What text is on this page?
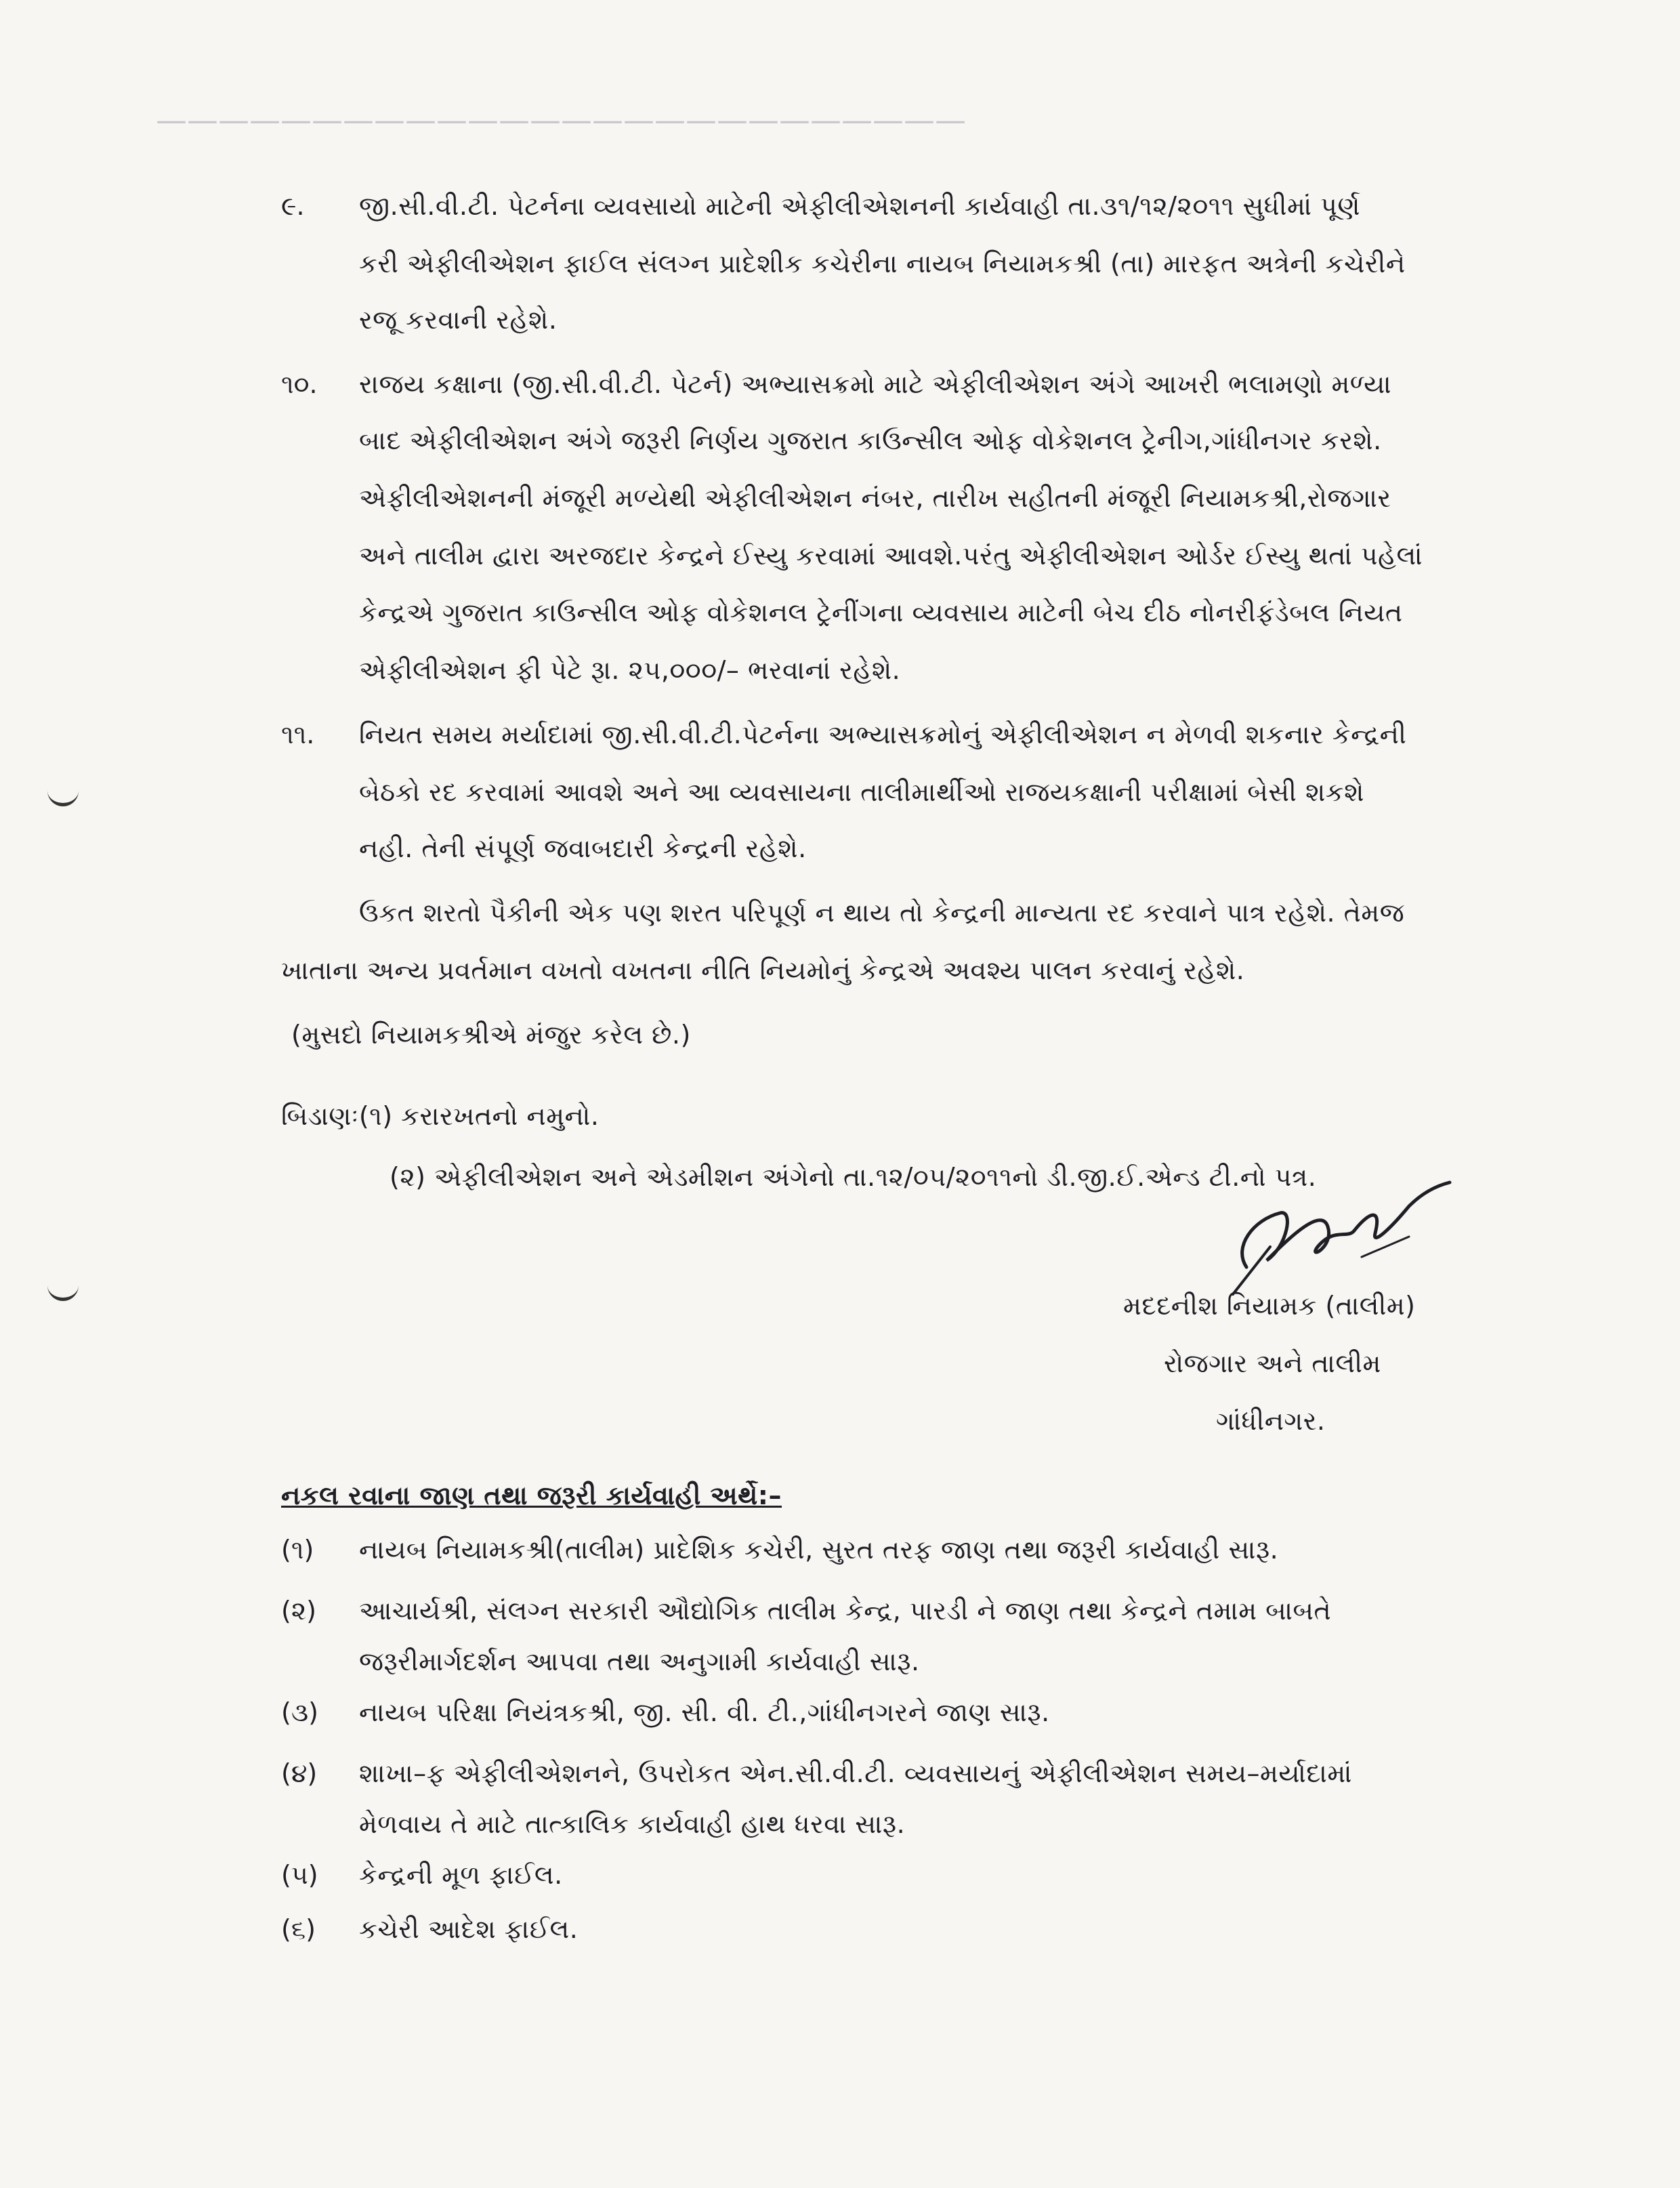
——————————————————————————
૯. જી.સી.વી.ટી. પેટર્નના વ્યવસાયો માટેની એફીલીએશનની કાર્યવાહી તા.૩૧/૧૨/૨૦૧૧ સુધીમાં પૂર્ણ
કરી એફીલીએશન ફાઈલ સંલગ્ન પ્રાદેશીક કચેરીના નાયબ નિયામકશ્રી (તા) મારફત અત્રેની કચેરીને
રજૂ કરવાની રહેશે.
૧૦. રાજય કક્ષાના (જી.સી.વી.ટી. પેટર્ન) અભ્યાસક્રમો માટે એફીલીએશન અંગે આખરી ભલામણો મળ્યા
બાદ એફીલીએશન અંગે જરૂરી નિર્ણય ગુજરાત કાઉન્સીલ ઓફ વોકેશનલ ટ્રેનીગ,ગાંધીનગર કરશે.
એફીલીએશનની મંજૂરી મળ્યેથી એફીલીએશન નંબર, તારીખ સહીતની મંજૂરી નિયામકશ્રી,રોજગાર
અને તાલીમ દ્વારા અરજદાર કેન્દ્રને ઈસ્યુ કરવામાં આવશે.પરંતુ એફીલીએશન ઓર્ડર ઈસ્યુ થતાં પહેલાં
કેન્દ્રએ ગુજરાત કાઉન્સીલ ઓફ વોકેશનલ ટ્રેનીંગના વ્યવસાય માટેની બેચ દીઠ નોનરીફંડેબલ નિયત
એફીલીએશન ફી પેટે રૂા. ૨૫,૦૦૦/– ભરવાનાં રહેશે.
૧૧. નિયત સમય મર્યાદામાં જી.સી.વી.ટી.પેટર્નના અભ્યાસક્રમોનું એફીલીએશન ન મેળવી શકનાર કેન્દ્રની
બેઠકો રદ કરવામાં આવશે અને આ વ્યવસાયના તાલીમાર્થીઓ રાજયકક્ષાની પરીક્ષામાં બેસી શકશે
નહી. તેની સંપૂર્ણ જવાબદારી કેન્દ્રની રહેશે.
ઉકત શરતો પૈકીની એક પણ શરત પરિપૂર્ણ ન થાય તો કેન્દ્રની માન્યતા રદ કરવાને પાત્ર રહેશે. તેમજ
ખાતાના અન્ય પ્રવર્તમાન વખતો વખતના નીતિ નિયમોનું કેન્દ્રએ અવશ્ય પાલન કરવાનું રહેશે.
(મુસદો નિયામકશ્રીએ મંજુર કરેલ છે.)
બિડાણઃ(૧) કરારખતનો નમુનો.
(૨) એફીલીએશન અને એડમીશન અંગેનો તા.૧૨/૦૫/૨૦૧૧નો ડી.જી.ઈ.એન્ડ ટી.નો પત્ર.
મદદનીશ નિયામક (તાલીમ)
રોજગાર અને તાલીમ
ગાંધીનગર.
નકલ રવાના જાણ તથા જરૂરી કાર્યવાહી અર્થે:–
(૧) નાયબ નિયામકશ્રી(તાલીમ) પ્રાદેશિક કચેરી, સુરત તરફ જાણ તથા જરૂરી કાર્યવાહી સારૂ.
(૨) આચાર્યશ્રી, સંલગ્ન સરકારી ઔદ્યોગિક તાલીમ કેન્દ્ર, પારડી ને જાણ તથા કેન્દ્રને તમામ બાબતે
જરૂરીમાર્ગદર્શન આપવા તથા અનુગામી કાર્યવાહી સારૂ.
(૩) નાયબ પરિક્ષા નિયંત્રકશ્રી, જી. સી. વી. ટી.,ગાંધીનગરને જાણ સારૂ.
(૪) શાખા–ફ એફીલીએશનને, ઉપરોકત એન.સી.વી.ટી. વ્યવસાયનું એફીલીએશન સમય–મર્યાદામાં
મેળવાય તે માટે તાત્કાલિક કાર્યવાહી હાથ ધરવા સારૂ.
(૫) કેન્દ્રની મૂળ ફાઈલ.
(૬) કચેરી આદેશ ફાઈલ.
